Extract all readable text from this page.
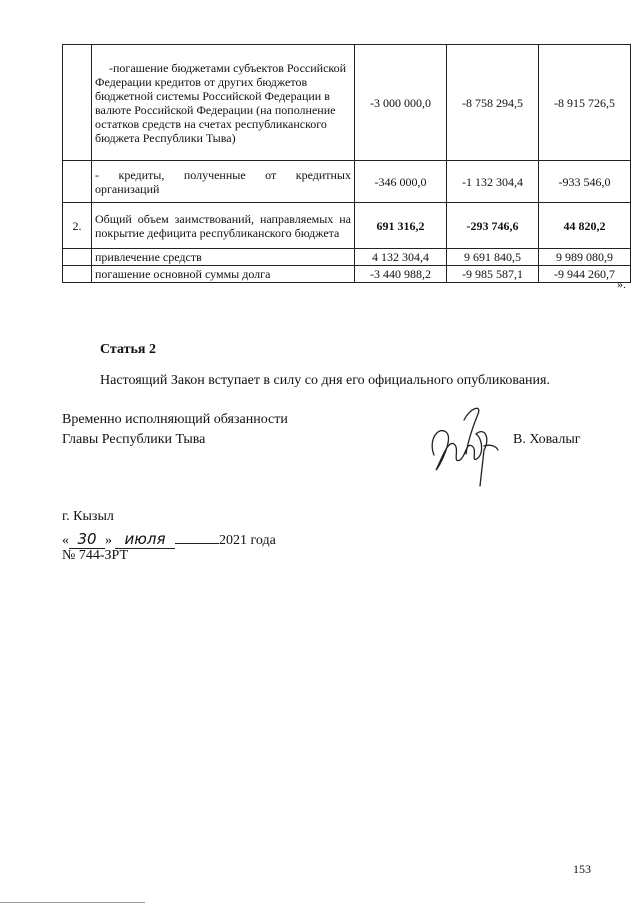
	-погашение бюджетами субъектов Российской Федерации кредитов от других бюджетов бюджетной системы Российской Федерации в валюте Российской Федерации (на пополнение остатков средств на счетах республиканского бюджета Республики Тыва)	-3 000 000,0	-8 758 294,5	-8 915 726,5
	- кредиты, полученные от кредитных организаций	-346 000,0	-1 132 304,4	-933 546,0
2.	Общий объем заимствований, направляемых на покрытие дефицита республиканского бюджета	691 316,2	-293 746,6	44 820,2
	привлечение средств	4 132 304,4	9 691 840,5	9 989 080,9
	погашение основной суммы долга	-3 440 988,2	-9 985 587,1	-9 944 260,7
».
Статья 2
Настоящий Закон вступает в силу со дня его официального опубликования.
Временно исполняющий обязанности
Главы Республики Тыва	В. Ховалыг
г. Кызыл
« 30 » июля	2021 года
№ 744-ЗРТ
153
